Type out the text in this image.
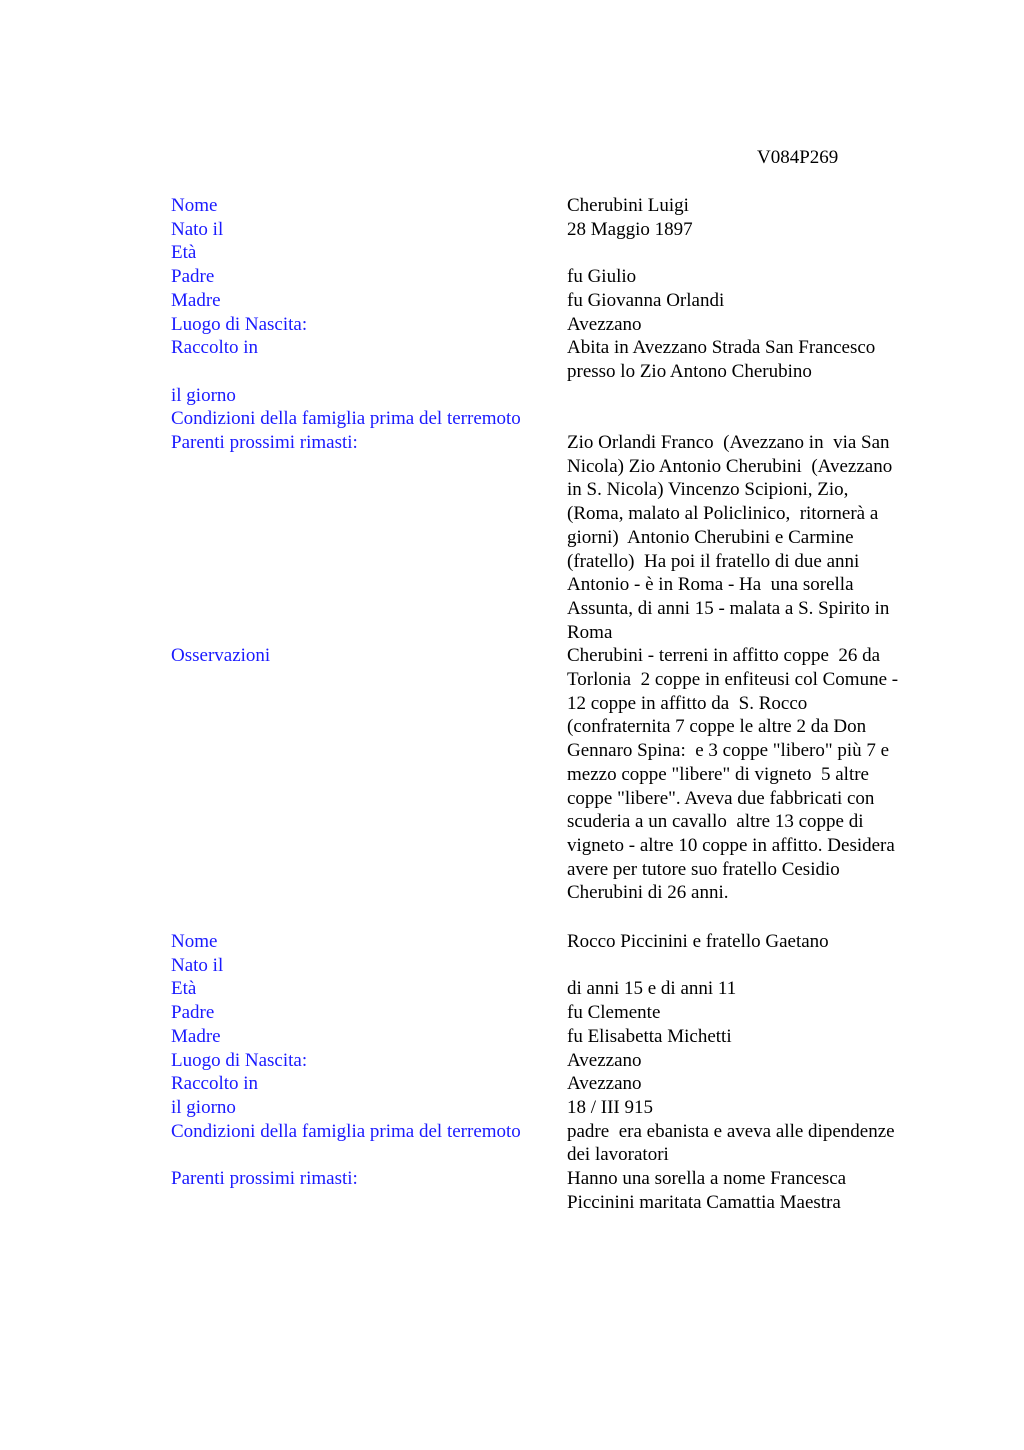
V084P269
Nome	Cherubini Luigi
Nato il	28 Maggio 1897
Età
Padre	fu Giulio
Madre	fu Giovanna Orlandi
Luogo di Nascita:	Avezzano
Raccolto in	Abita in Avezzano Strada San Francesco
presso lo Zio Antono Cherubino
il giorno
Condizioni della famiglia prima del terremoto
Parenti prossimi rimasti:	Zio Orlandi Franco  (Avezzano in  via San
Nicola) Zio Antonio Cherubini  (Avezzano
in S. Nicola) Vincenzo Scipioni, Zio,
(Roma, malato al Policlinico,  ritornerà a
giorni)  Antonio Cherubini e Carmine
(fratello)  Ha poi il fratello di due anni
Antonio - è in Roma - Ha  una sorella
Assunta, di anni 15 - malata a S. Spirito in
Roma
Osservazioni	Cherubini - terreni in affitto coppe  26 da
Torlonia  2 coppe in enfiteusi col Comune -
12 coppe in affitto da  S. Rocco
(confraternita 7 coppe le altre 2 da Don
Gennaro Spina:  e 3 coppe "libero" più 7 e
mezzo coppe "libere" di vigneto  5 altre
coppe "libere". Aveva due fabbricati con
scuderia a un cavallo  altre 13 coppe di
vigneto - altre 10 coppe in affitto. Desidera
avere per tutore suo fratello Cesidio
Cherubini di 26 anni.
Nome	Rocco Piccinini e fratello Gaetano
Nato il
Età	di anni 15 e di anni 11
Padre	fu Clemente
Madre	fu Elisabetta Michetti
Luogo di Nascita:	Avezzano
Raccolto in	Avezzano
il giorno	18 / III 915
Condizioni della famiglia prima del terremoto	padre  era ebanista e aveva alle dipendenze
dei lavoratori
Parenti prossimi rimasti:	Hanno una sorella a nome Francesca
Piccinini maritata Camattia Maestra
